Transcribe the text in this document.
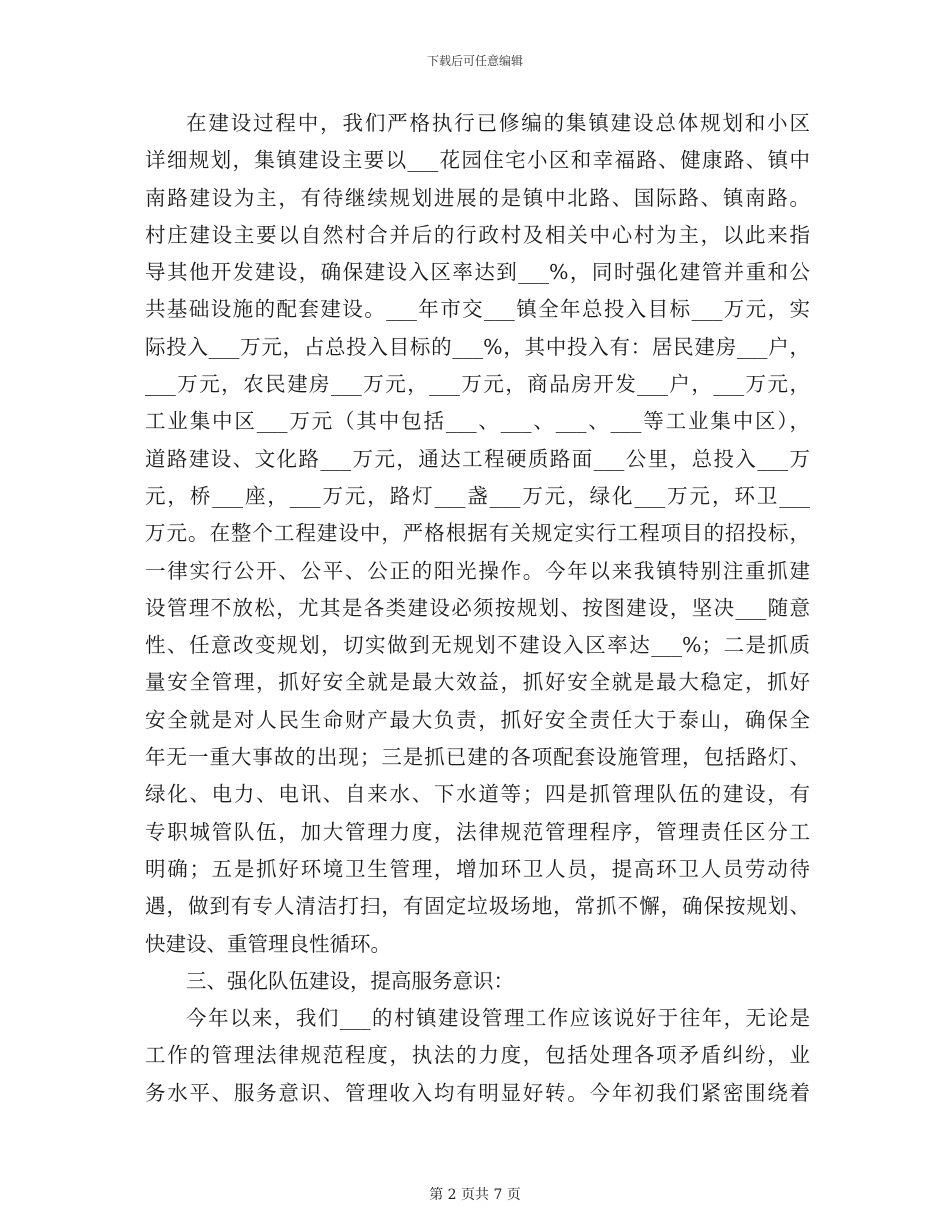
下载后可任意编辑
在建设过程中，我们严格执行已修编的集镇建设总体规划和小区
详细规划，集镇建设主要以___花园住宅小区和幸福路、健康路、镇中
南路建设为主，有待继续规划进展的是镇中北路、国际路、镇南路。
村庄建设主要以自然村合并后的行政村及相关中心村为主，以此来指
导其他开发建设，确保建设入区率达到___%，同时强化建管并重和公
共基础设施的配套建设。___年市交___镇全年总投入目标___万元，实
际投入___万元，占总投入目标的___%，其中投入有：居民建房___户，
___万元，农民建房___万元，___万元，商品房开发___户，___万元，
工业集中区___万元（其中包括___、___、___、___等工业集中区），
道路建设、文化路___万元，通达工程硬质路面___公里，总投入___万
元，桥___座，___万元，路灯___盏___万元，绿化___万元，环卫___
万元。在整个工程建设中，严格根据有关规定实行工程项目的招投标，
一律实行公开、公平、公正的阳光操作。今年以来我镇特别注重抓建
设管理不放松，尤其是各类建设必须按规划、按图建设，坚决___随意
性、任意改变规划，切实做到无规划不建设入区率达___%；二是抓质
量安全管理，抓好安全就是最大效益，抓好安全就是最大稳定，抓好
安全就是对人民生命财产最大负责，抓好安全责任大于泰山，确保全
年无一重大事故的出现；三是抓已建的各项配套设施管理，包括路灯、
绿化、电力、电讯、自来水、下水道等；四是抓管理队伍的建设，有
专职城管队伍，加大管理力度，法律规范管理程序，管理责任区分工
明确；五是抓好环境卫生管理，增加环卫人员，提高环卫人员劳动待
遇，做到有专人清洁打扫，有固定垃圾场地，常抓不懈，确保按规划、
快建设、重管理良性循环。
三、强化队伍建设，提高服务意识：
今年以来，我们___的村镇建设管理工作应该说好于往年，无论是
工作的管理法律规范程度，执法的力度，包括处理各项矛盾纠纷，业
务水平、服务意识、管理收入均有明显好转。今年初我们紧密围绕着
第 2 页共 7 页
